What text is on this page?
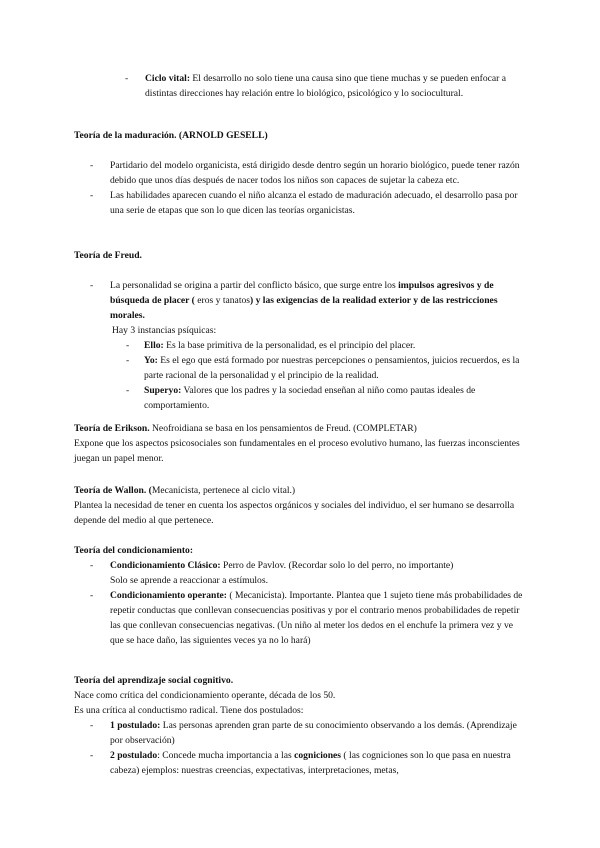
- Ciclo vital: El desarrollo no solo tiene una causa sino que tiene muchas y se pueden enfocar a distintas direcciones hay relación entre lo biológico, psicológico y lo sociocultural.

Teoría de la maduración. (ARNOLD GESELL)

- Partidario del modelo organicista, está dirigido desde dentro según un horario biológico, puede tener razón debido que unos días después de nacer todos los niños son capaces de sujetar la cabeza etc.
- Las habilidades aparecen cuando el niño alcanza el estado de maduración adecuado, el desarrollo pasa por una serie de etapas que son lo que dicen las teorías organicistas.

Teoría de Freud.

- La personalidad se origina a partir del conflicto básico, que surge entre los impulsos agresivos y de búsqueda de placer ( eros y tanatos) y las exigencias de la realidad exterior y de las restricciones morales.

Hay 3 instancias psíquicas:

- Ello: Es la base primitiva de la personalidad, es el principio del placer.
- Yo: Es el ego que está formado por nuestras percepciones o pensamientos, juicios recuerdos, es la parte racional de la personalidad y el principio de la realidad.
- Superyo: Valores que los padres y la sociedad enseñan al niño como pautas ideales de comportamiento.

Teoría de Erikson. Neofroidiana se basa en los pensamientos de Freud. (COMPLETAR)

Expone que los aspectos psicosociales son fundamentales en el proceso evolutivo humano, las fuerzas inconscientes juegan un papel menor.

Teoría de Wallon. (Mecanicista, pertenece al ciclo vital.)

Plantea la necesidad de tener en cuenta los aspectos orgánicos y sociales del individuo, el ser humano se desarrolla depende del medio al que pertenece.

Teoría del condicionamiento:

- Condicionamiento Clásico: Perro de Pavlov. (Recordar solo lo del perro, no importante)
Solo se aprende a reaccionar a estímulos.
- Condicionamiento operante: ( Mecanicista). Importante. Plantea que 1 sujeto tiene más probabilidades de repetir conductas que conllevan consecuencias positivas y por el contrario menos probabilidades de repetir las que conllevan consecuencias negativas. (Un niño al meter los dedos en el enchufe la primera vez y ve que se hace daño, las siguientes veces ya no lo hará)

Teoría del aprendizaje social cognitivo.

Nace como crítica del condicionamiento operante, década de los 50.

Es una crítica al conductismo radical. Tiene dos postulados:

- 1 postulado: Las personas aprenden gran parte de su conocimiento observando a los demás. (Aprendizaje por observación)
- 2 postulado: Concede mucha importancia a las cogniciones ( las cogniciones son lo que pasa en nuestra cabeza) ejemplos: nuestras creencias, expectativas, interpretaciones, metas,
